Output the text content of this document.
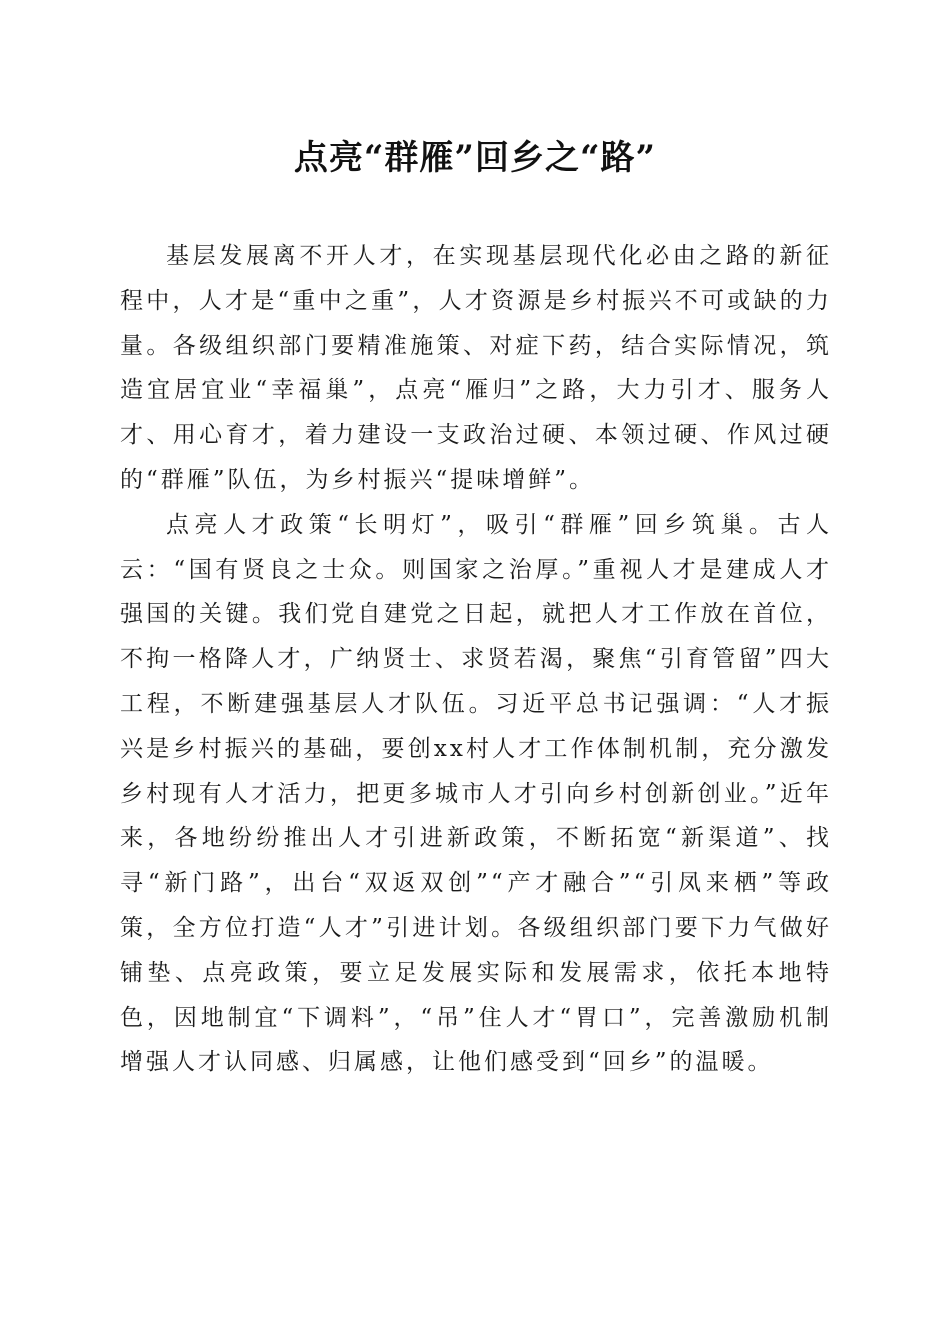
点亮“群雁”回乡之“路”

基层发展离不开人才，在实现基层现代化必由之路的新征程中，人才是“重中之重”，人才资源是乡村振兴不可或缺的力量。各级组织部门要精准施策、对症下药，结合实际情况，筑造宜居宜业“幸福巢”，点亮“雁归”之路，大力引才、服务人才、用心育才，着力建设一支政治过硬、本领过硬、作风过硬的“群雁”队伍，为乡村振兴“提味增鲜”。

点亮人才政策“长明灯”，吸引“群雁”回乡筑巢。古人云：“国有贤良之士众。则国家之治厚。”重视人才是建成人才强国的关键。我们党自建党之日起，就把人才工作放在首位，不拘一格降人才，广纳贤士、求贤若渴，聚焦“引育管留”四大工程，不断建强基层人才队伍。习近平总书记强调：“人才振兴是乡村振兴的基础，要创xx村人才工作体制机制，充分激发乡村现有人才活力，把更多城市人才引向乡村创新创业。”近年来，各地纷纷推出人才引进新政策，不断拓宽“新渠道”、找寻“新门路”，出台“双返双创”“产才融合”“引凤来栖”等政策，全方位打造“人才”引进计划。各级组织部门要下力气做好铺垫、点亮政策，要立足发展实际和发展需求，依托本地特色，因地制宜“下调料”，“吊”住人才“胃口”，完善激励机制增强人才认同感、归属感，让他们感受到“回乡”的温暖。
